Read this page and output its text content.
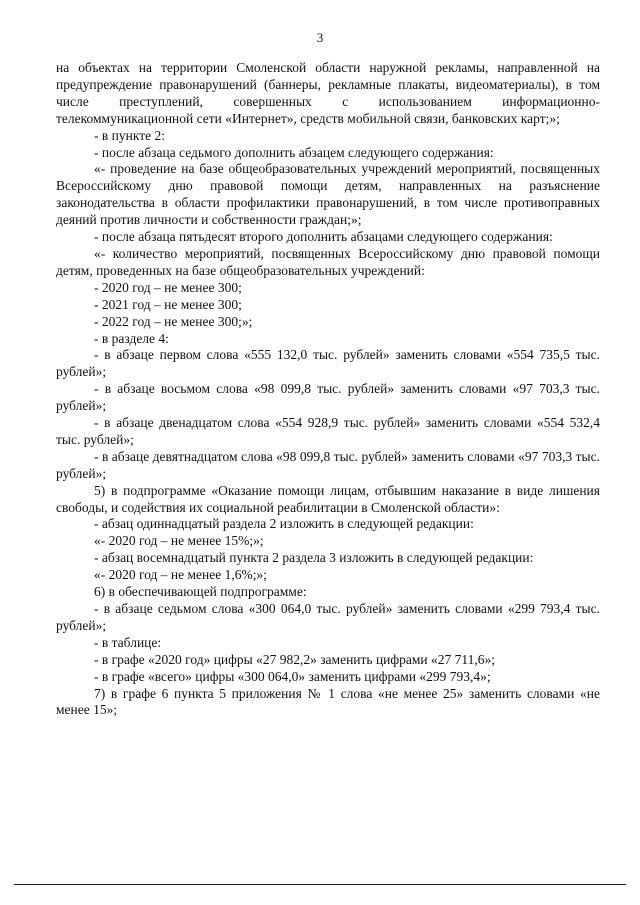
3

на объектах на территории Смоленской области наружной рекламы, направленной на предупреждение правонарушений (баннеры, рекламные плакаты, видеоматериалы), в том числе преступлений, совершенных с использованием информационно-телекоммуникационной сети «Интернет», средств мобильной связи, банковских карт;»;

- в пункте 2:

- после абзаца седьмого дополнить абзацем следующего содержания:

«- проведение на базе общеобразовательных учреждений мероприятий, посвященных Всероссийскому дню правовой помощи детям, направленных на разъяснение законодательства в области профилактики правонарушений, в том числе противоправных деяний против личности и собственности граждан;»;

- после абзаца пятьдесят второго дополнить абзацами следующего содержания:

«- количество мероприятий, посвященных Всероссийскому дню правовой помощи детям, проведенных на базе общеобразовательных учреждений:

- 2020 год – не менее 300;

- 2021 год – не менее 300;

- 2022 год – не менее 300;»;

- в разделе 4:

- в абзаце первом слова «555 132,0 тыс. рублей» заменить словами «554 735,5 тыс. рублей»;

- в абзаце восьмом слова «98 099,8 тыс. рублей» заменить словами «97 703,3 тыс. рублей»;

- в абзаце двенадцатом слова «554 928,9 тыс. рублей» заменить словами «554 532,4 тыс. рублей»;

- в абзаце девятнадцатом слова «98 099,8 тыс. рублей» заменить словами «97 703,3 тыс. рублей»;

5) в подпрограмме «Оказание помощи лицам, отбывшим наказание в виде лишения свободы, и содействия их социальной реабилитации в Смоленской области»:

- абзац одиннадцатый раздела 2 изложить в следующей редакции:

«- 2020 год – не менее 15%;»;

- абзац восемнадцатый пункта 2 раздела 3 изложить в следующей редакции:

«- 2020 год – не менее 1,6%;»;

6) в обеспечивающей подпрограмме:

- в абзаце седьмом слова «300 064,0 тыс. рублей» заменить словами «299 793,4 тыс. рублей»;

- в таблице:

- в графе «2020 год» цифры «27 982,2» заменить цифрами «27 711,6»;

- в графе «всего» цифры «300 064,0» заменить цифрами «299 793,4»;

7) в графе 6 пункта 5 приложения № 1 слова «не менее 25» заменить словами «не менее 15»;
